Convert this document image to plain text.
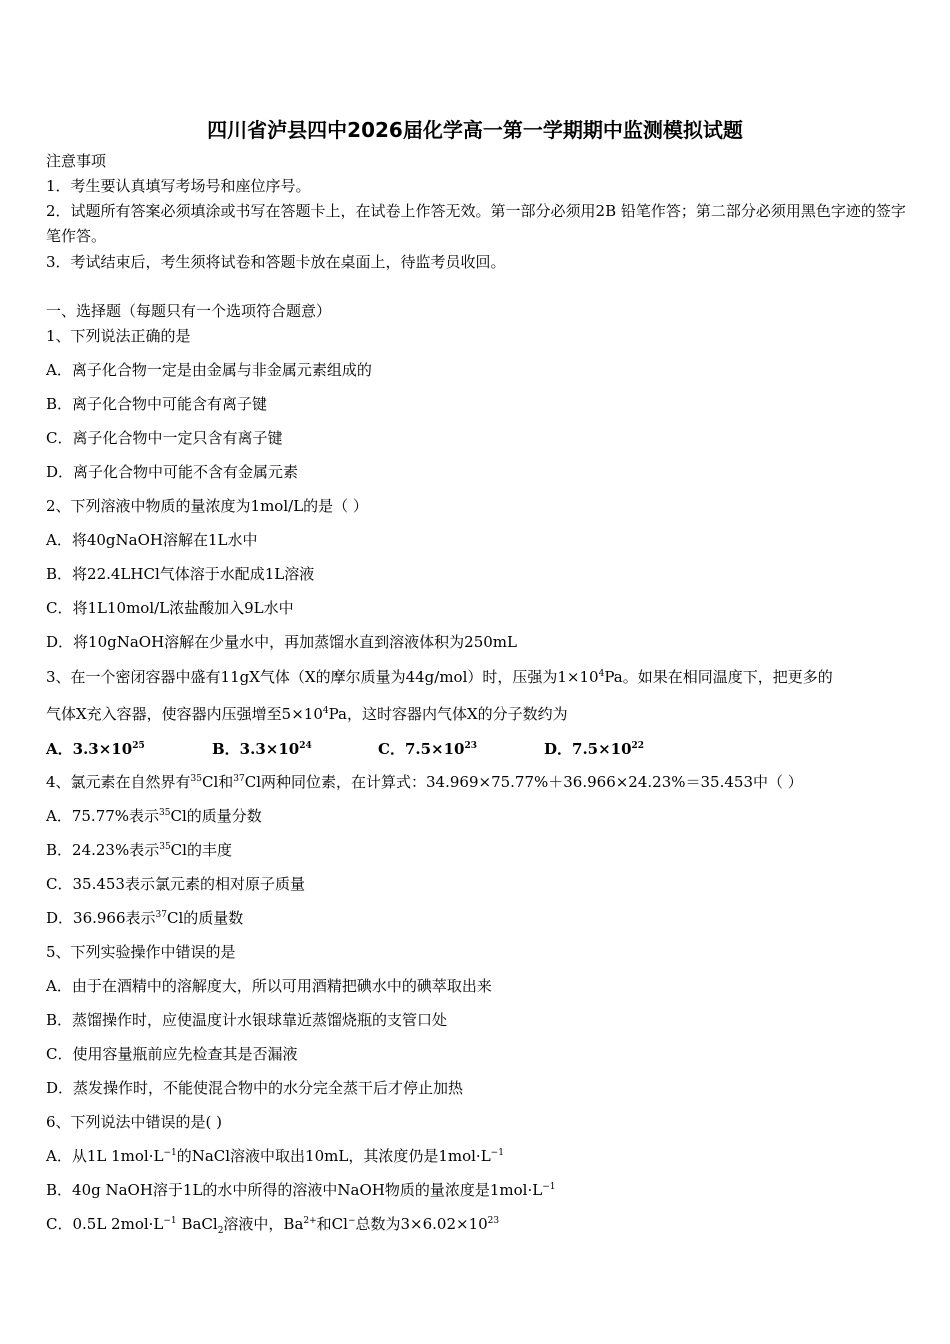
四川省泸县四中2026届化学高一第一学期期中监测模拟试题
注意事项
1．考生要认真填写考场号和座位序号。
2．试题所有答案必须填涂或书写在答题卡上，在试卷上作答无效。第一部分必须用2B 铅笔作答；第二部分必须用黑色字迹的签字笔作答。
3．考试结束后，考生须将试卷和答题卡放在桌面上，待监考员收回。
一、选择题（每题只有一个选项符合题意）
1、下列说法正确的是
A．离子化合物一定是由金属与非金属元素组成的
B．离子化合物中可能含有离子键
C．离子化合物中一定只含有离子键
D．离子化合物中可能不含有金属元素
2、下列溶液中物质的量浓度为1mol/L的是（ ）
A．将40gNaOH溶解在1L水中
B．将22.4LHCl气体溶于水配成1L溶液
C．将1L10mol/L浓盐酸加入9L水中
D．将10gNaOH溶解在少量水中，再加蒸馏水直到溶液体积为250mL
3、在一个密闭容器中盛有11gX气体（X的摩尔质量为44g/mol）时，压强为$1\times 10^4Pa$。如果在相同温度下，把更多的
气体X充入容器，使容器内压强增至$5\times 10^4Pa$，这时容器内气体X的分子数约为
A．$3.3\times 10^{25}$	B．$3.3\times 10^{24}$	C．$7.5\times 10^{23}$	D．$7.5\times 10^{22}$
4、氯元素在自然界有$^{35}$Cl和$^{37}$Cl两种同位素，在计算式：34.969×75.77%＋36.966×24.23%＝35.453中（ ）
A．75.77%表示$^{35}$Cl的质量分数
B．24.23%表示$^{35}$Cl的丰度
C．35.453表示氯元素的相对原子质量
D．36.966表示$^{37}$Cl的质量数
5、下列实验操作中错误的是
A．由于在酒精中的溶解度大，所以可用酒精把碘水中的碘萃取出来
B．蒸馏操作时，应使温度计水银球靠近蒸馏烧瓶的支管口处
C．使用容量瓶前应先检查其是否漏液
D．蒸发操作时，不能使混合物中的水分完全蒸干后才停止加热
6、下列说法中错误的是( )
A．从1L $1mol\cdot L^{-1}$的NaCl溶液中取出10mL，其浓度仍是$1mol\cdot L^{-1}$
B．40g NaOH溶于1L的水中所得的溶液中NaOH物质的量浓度是$1mol\cdot L^{-1}$
C．0.5L $2mol\cdot L^{-1}$ BaCl$_2$溶液中，$Ba^{2+}$和Cl−总数为$3\times 6.02\times 10^{23}$
